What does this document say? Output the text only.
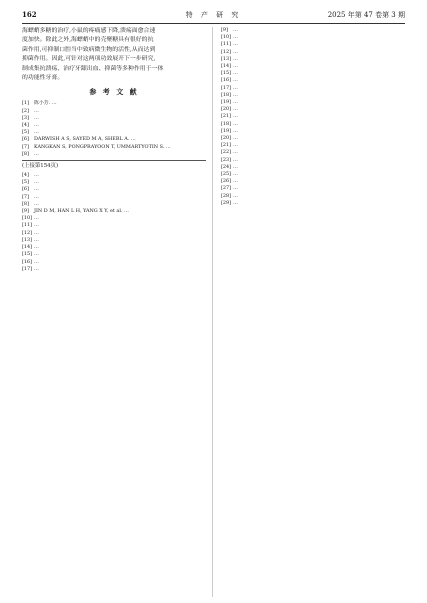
162	特 产 研 究	2025 年第 47 卷第 3 期

海螵蛸多糖的治疗,小鼠的疼痛感下降,溃疡面愈合速
度加快。除此之外,海螵蛸中的壳聚糖具有很好的抗
菌作用,可抑制口腔当中致病微生物的活性,从而达到
抑菌作用。因此,可针对这两项功效展开下一步研究,
制成集抗溃疡、治疗牙龈出血、抑菌等多种作用于一体
的功能性牙膏。

参 考 文 献
[1] 陈小芳. …
[2] …
[3] …
[4] …
[5] …
[6] DARWISH A S, SAYED M A, SHEBL A. …
[7] KANGKAN S, PONGPRAYOON T, UMMARTYOTIN S. …
[8] …
(上接第154页)
[4] …
[5] …
[6] …
[7] …
[8] …
[9] JIN D M, HAN L H, YANG X Y, et al. …
[10] …
[11] …
[12] …
[13] …
[14] …
[15] …
[16] …
[17] …
[9] …
[10] …
[11] …
[12] …
[13] …
[14] …
[15] …
[16] …
[17] …
[18] …
[19] …
[20] …
[21] …
[18] …
[19] …
[20] …
[21] …
[22] …
[23] …
[24] …
[25] …
[26] …
[27] …
[28] …
[29] …
